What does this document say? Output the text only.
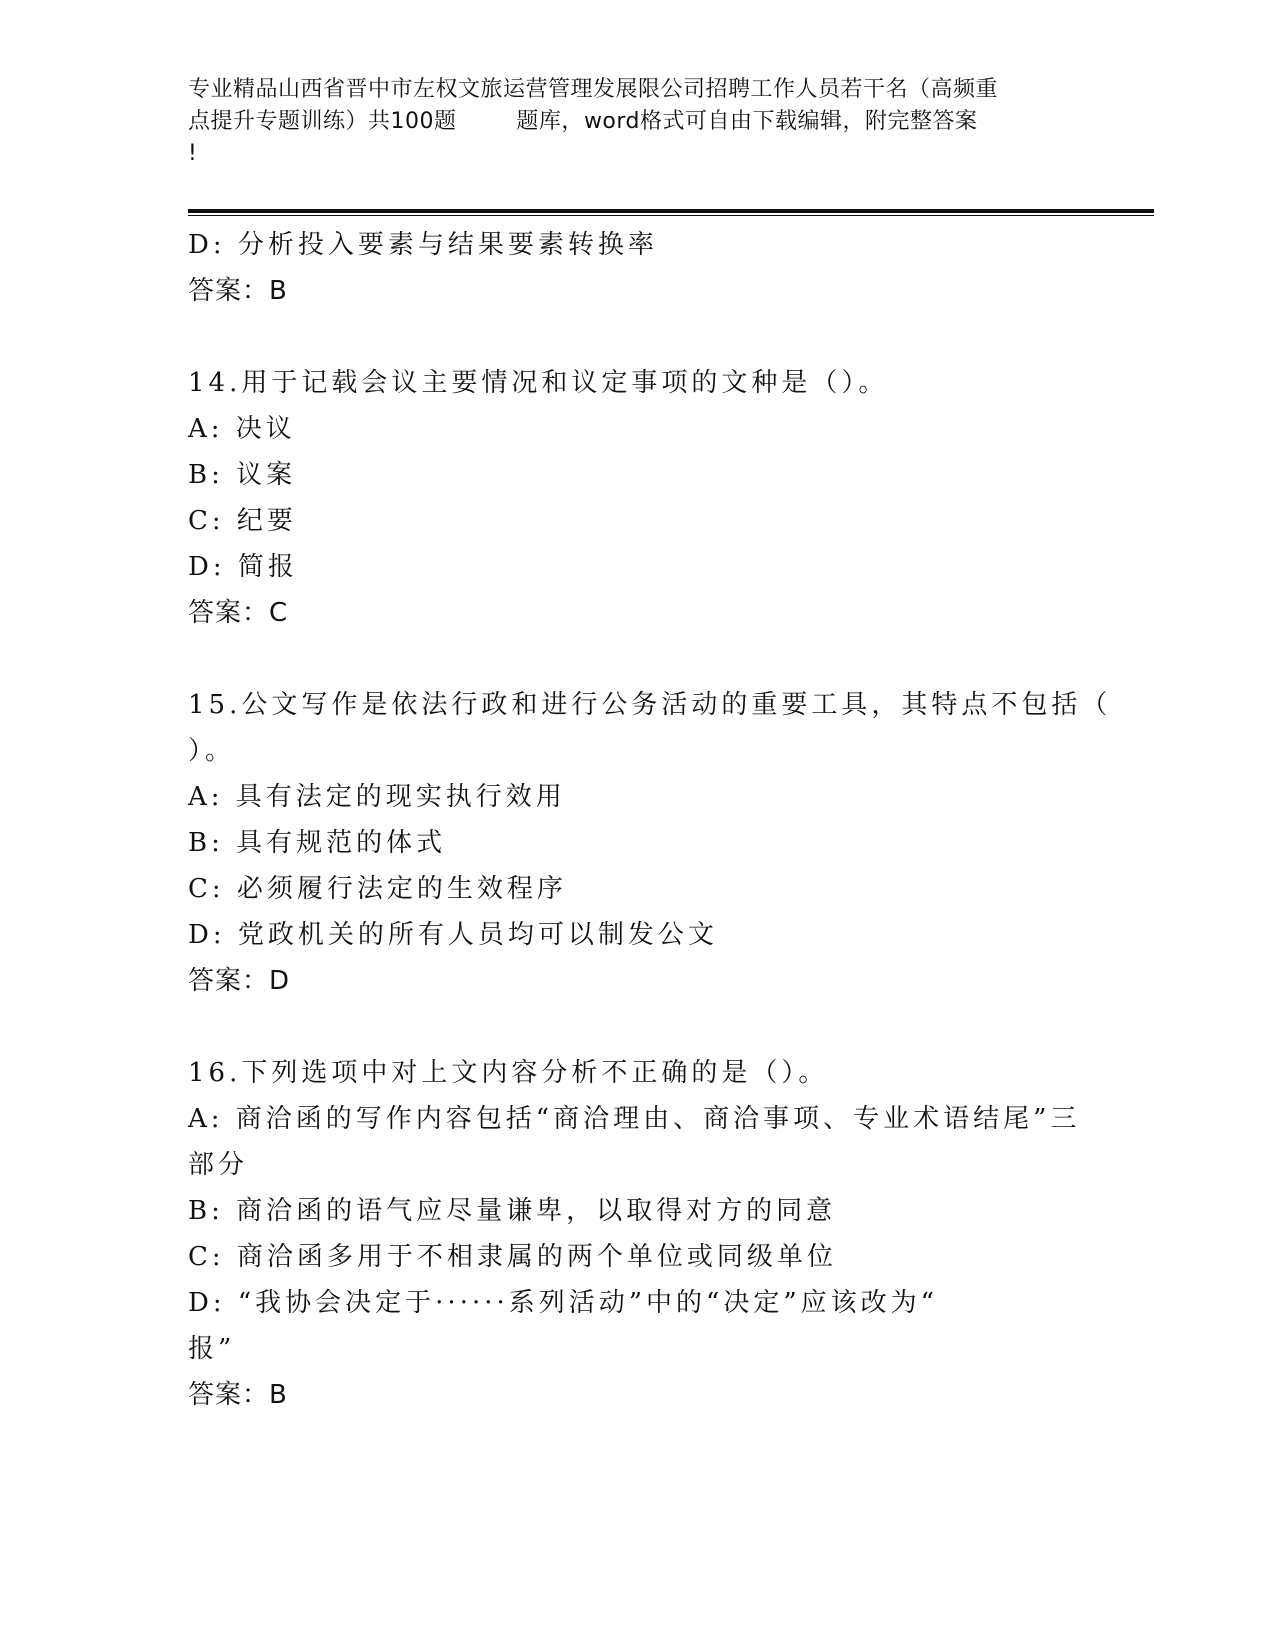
专业精品山西省晋中市左权文旅运营管理发展限公司招聘工作人员若干名（高频重
点提升专题训练）共100题        题库，word格式可自由下载编辑，附完整答案
!
D: 分析投入要素与结果要素转换率
答案：B
14.用于记载会议主要情况和议定事项的文种是（）。
A: 决议
B: 议案
C: 纪要
D: 简报
答案：C
15.公文写作是依法行政和进行公务活动的重要工具，其特点不包括（
）。
A: 具有法定的现实执行效用
B: 具有规范的体式
C: 必须履行法定的生效程序
D: 党政机关的所有人员均可以制发公文
答案：D
16.下列选项中对上文内容分析不正确的是（）。
A: 商洽函的写作内容包括“商洽理由、商洽事项、专业术语结尾”三
部分
B: 商洽函的语气应尽量谦卑，以取得对方的同意
C: 商洽函多用于不相隶属的两个单位或同级单位
D: “我协会决定于······系列活动”中的“决定”应该改为“
报”
答案：B
